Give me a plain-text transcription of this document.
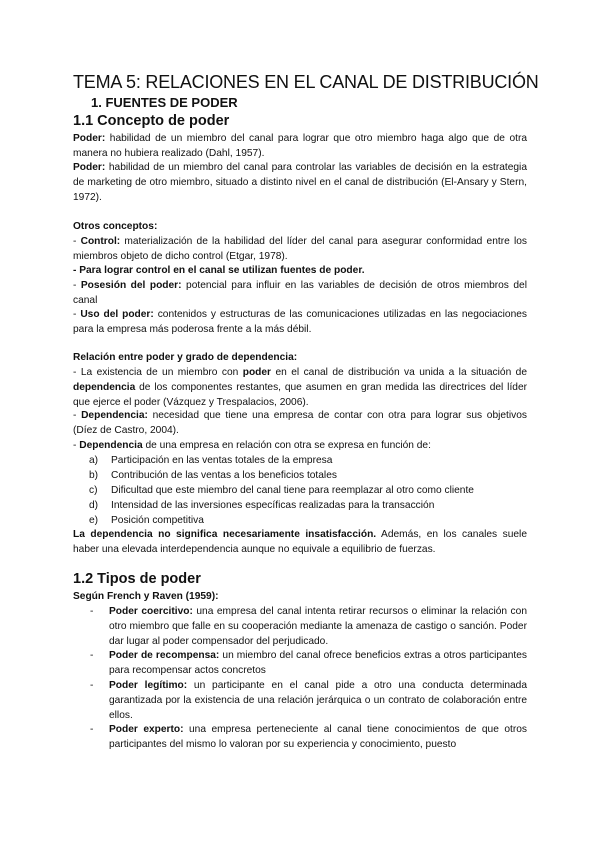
TEMA 5: RELACIONES EN EL CANAL DE DISTRIBUCIÓN
1. FUENTES DE PODER
1.1 Concepto de poder
Poder: habilidad de un miembro del canal para lograr que otro miembro haga algo que de otra manera no hubiera realizado (Dahl, 1957).
Poder: habilidad de un miembro del canal para controlar las variables de decisión en la estrategia de marketing de otro miembro, situado a distinto nivel en el canal de distribución (El-Ansary y Stern, 1972).
Otros conceptos:
- Control: materialización de la habilidad del líder del canal para asegurar conformidad entre los miembros objeto de dicho control (Etgar, 1978).
- Para lograr control en el canal se utilizan fuentes de poder.
- Posesión del poder: potencial para influir en las variables de decisión de otros miembros del canal
- Uso del poder: contenidos y estructuras de las comunicaciones utilizadas en las negociaciones para la empresa más poderosa frente a la más débil.
Relación entre poder y grado de dependencia:
- La existencia de un miembro con poder en el canal de distribución va unida a la situación de dependencia de los componentes restantes, que asumen en gran medida las directrices del líder que ejerce el poder (Vázquez y Trespalacios, 2006).
- Dependencia: necesidad que tiene una empresa de contar con otra para lograr sus objetivos (Díez de Castro, 2004).
- Dependencia de una empresa en relación con otra se expresa en función de:
a) Participación en las ventas totales de la empresa
b) Contribución de las ventas a los beneficios totales
c) Dificultad que este miembro del canal tiene para reemplazar al otro como cliente
d) Intensidad de las inversiones específicas realizadas para la transacción
e) Posición competitiva
La dependencia no significa necesariamente insatisfacción. Además, en los canales suele haber una elevada interdependencia aunque no equivale a equilibrio de fuerzas.
1.2 Tipos de poder
Según French y Raven (1959):
- Poder coercitivo: una empresa del canal intenta retirar recursos o eliminar la relación con otro miembro que falle en su cooperación mediante la amenaza de castigo o sanción. Poder dar lugar al poder compensador del perjudicado.
- Poder de recompensa: un miembro del canal ofrece beneficios extras a otros participantes para recompensar actos concretos
- Poder legítimo: un participante en el canal pide a otro una conducta determinada garantizada por la existencia de una relación jerárquica o un contrato de colaboración entre ellos.
- Poder experto: una empresa perteneciente al canal tiene conocimientos de que otros participantes del mismo lo valoran por su experiencia y conocimiento, puesto
